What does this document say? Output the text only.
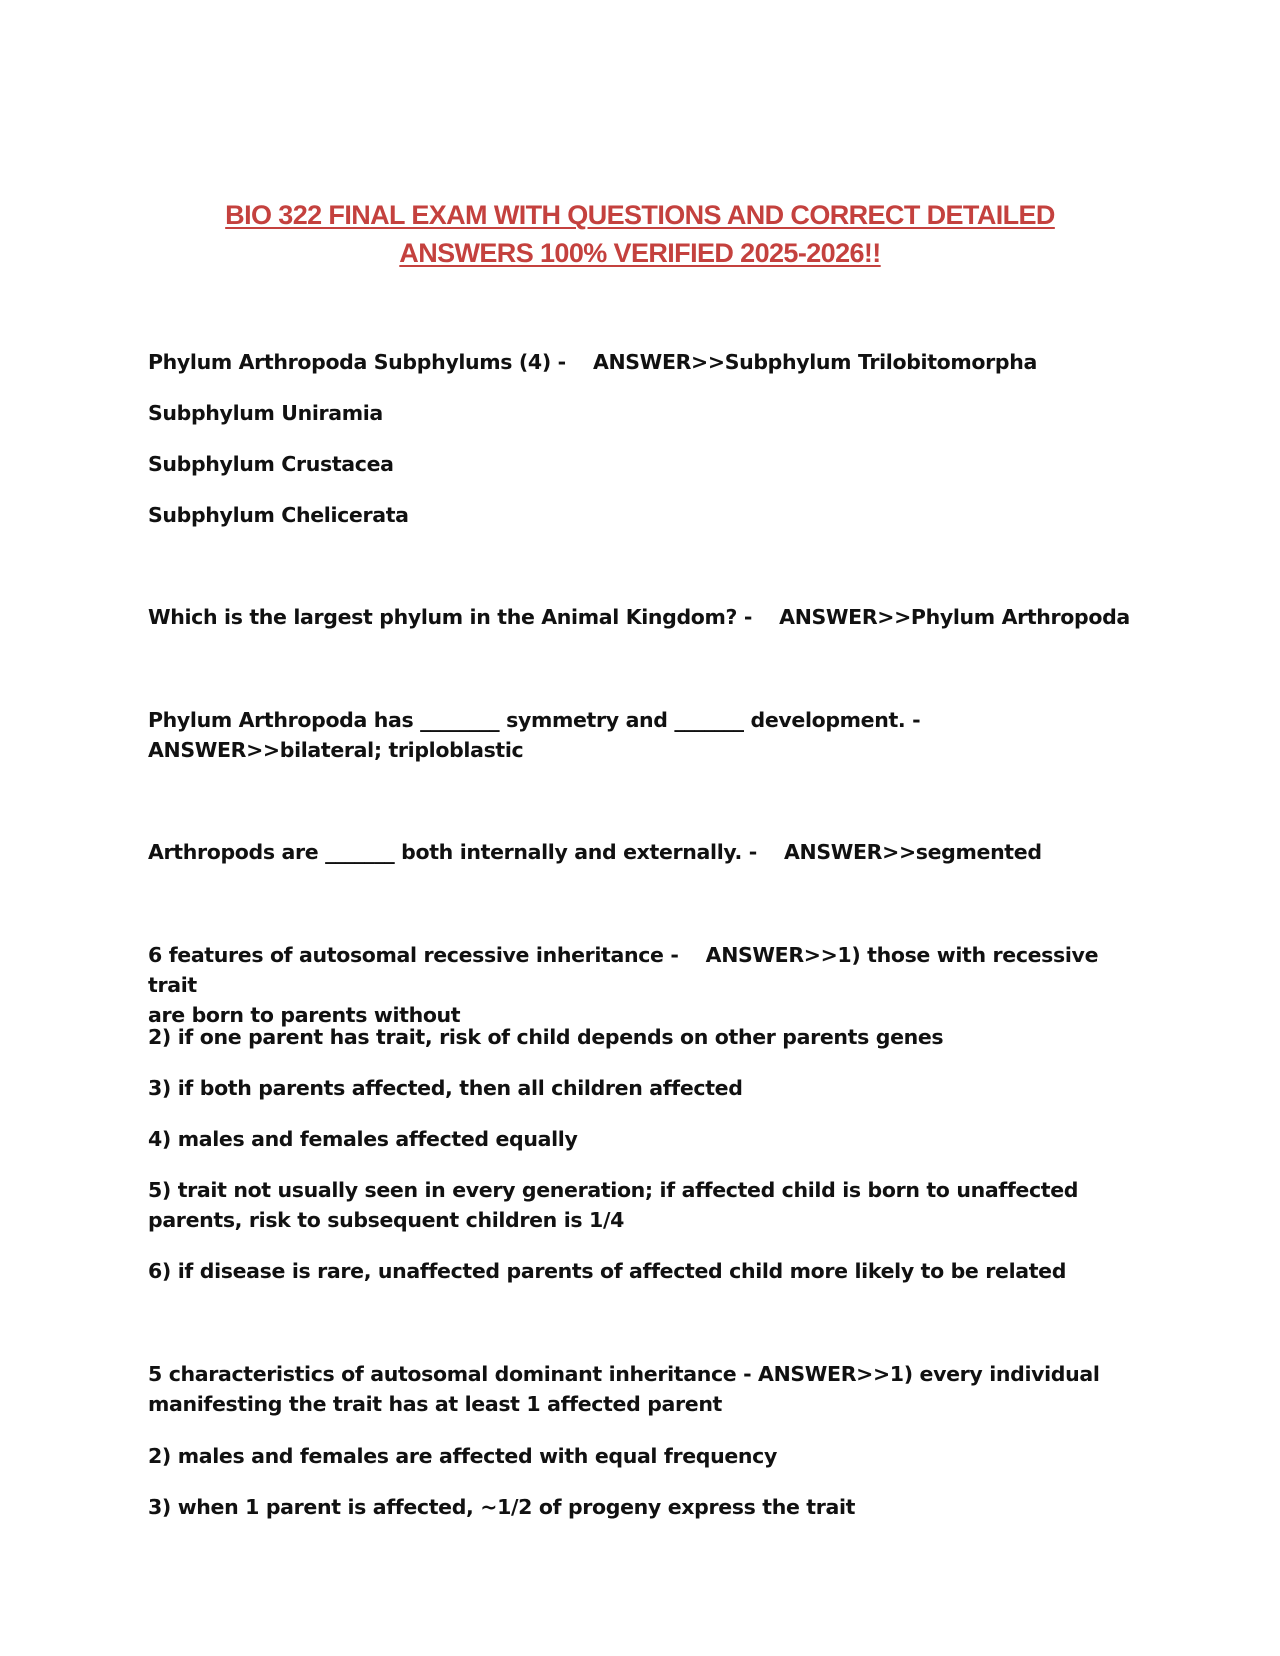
BIO 322 FINAL EXAM WITH QUESTIONS AND CORRECT DETAILED
ANSWERS 100% VERIFIED 2025-2026!!

Phylum Arthropoda Subphylums (4) -    ANSWER>>Subphylum Trilobitomorpha

Subphylum Uniramia

Subphylum Crustacea

Subphylum Chelicerata

Which is the largest phylum in the Animal Kingdom? -    ANSWER>>Phylum Arthropoda

Phylum Arthropoda has ________ symmetry and _______ development. -
ANSWER>>bilateral; triploblastic

Arthropods are _______ both internally and externally. -    ANSWER>>segmented

6 features of autosomal recessive inheritance -    ANSWER>>1) those with recessive trait
are born to parents without

2) if one parent has trait, risk of child depends on other parents genes

3) if both parents affected, then all children affected

4) males and females affected equally

5) trait not usually seen in every generation; if affected child is born to unaffected
parents, risk to subsequent children is 1/4

6) if disease is rare, unaffected parents of affected child more likely to be related

5 characteristics of autosomal dominant inheritance - ANSWER>>1) every individual
manifesting the trait has at least 1 affected parent

2) males and females are affected with equal frequency

3) when 1 parent is affected, ~1/2 of progeny express the trait
